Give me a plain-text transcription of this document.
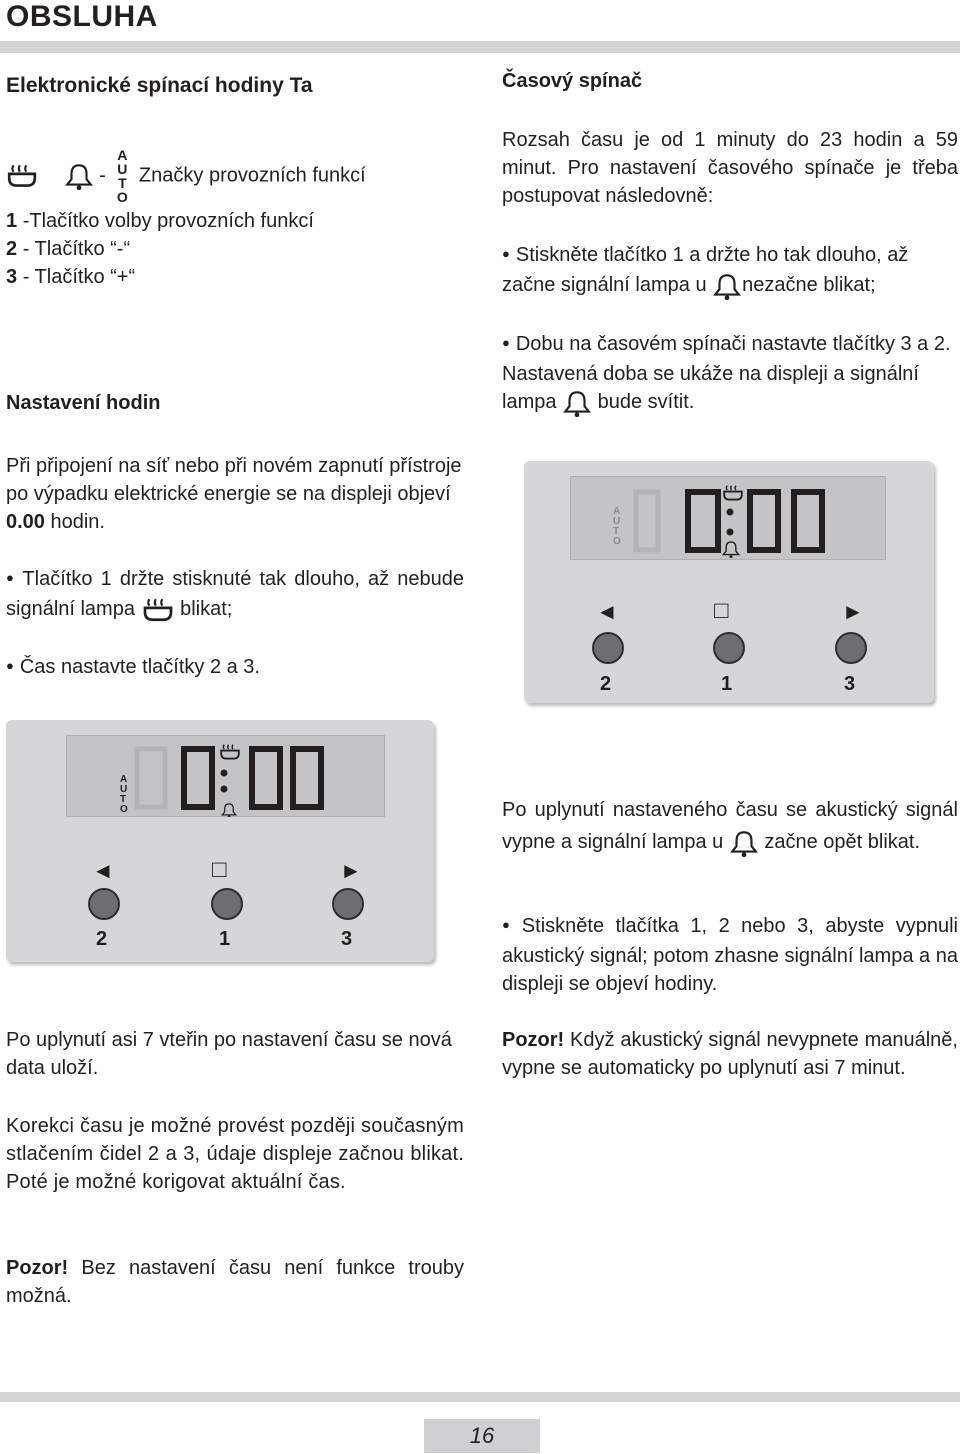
OBSLUHA
Elektronické spínací hodiny Ta
-
A
U
T
O
Značky provozních funkcí
1 -Tlačítko volby provozních funkcí
2 - Tlačítko “-“
3 - Tlačítko “+“
Nastavení hodin
Při připojení na síť nebo při novém zapnutí přístroje po výpadku elektrické energie se na displeji objeví 0.00 hodin.
● Tlačítko 1 držte stisknuté tak dlouho, až nebude signální lampa blikat;
● Čas nastavte tlačítky 2 a 3.
A
U
T
O
◄	□	►
2	1	3
Po uplynutí asi 7 vteřin po nastavení času se nová data uloží.
Korekci času je možné provést později současným stlačením čidel 2 a 3, údaje displeje začnou blikat. Poté je možné korigovat aktuální čas.
Pozor! Bez nastavení času není funkce trouby možná.
Časový spínač
Rozsah času je od 1 minuty do 23 hodin a 59 minut. Pro nastavení časového spínače je třeba postupovat následovně:
● Stiskněte tlačítko 1 a držte ho tak dlouho, až začne signální lampa u nezačne blikat;
● Dobu na časovém spínači nastavte tlačítky 3 a 2. Nastavená doba se ukáže na displeji a signální lampa bude svítit.
A
U
T
O
◄	□	►
2	1	3
Po uplynutí nastaveného času se akustický signál vypne a signální lampa u začne opět blikat.
● Stiskněte tlačítka 1, 2 nebo 3, abyste vypnuli akustický signál; potom zhasne signální lampa a na displeji se objeví hodiny.
Pozor! Když akustický signál nevypnete manuálně, vypne se automaticky po uplynutí asi 7 minut.
16
